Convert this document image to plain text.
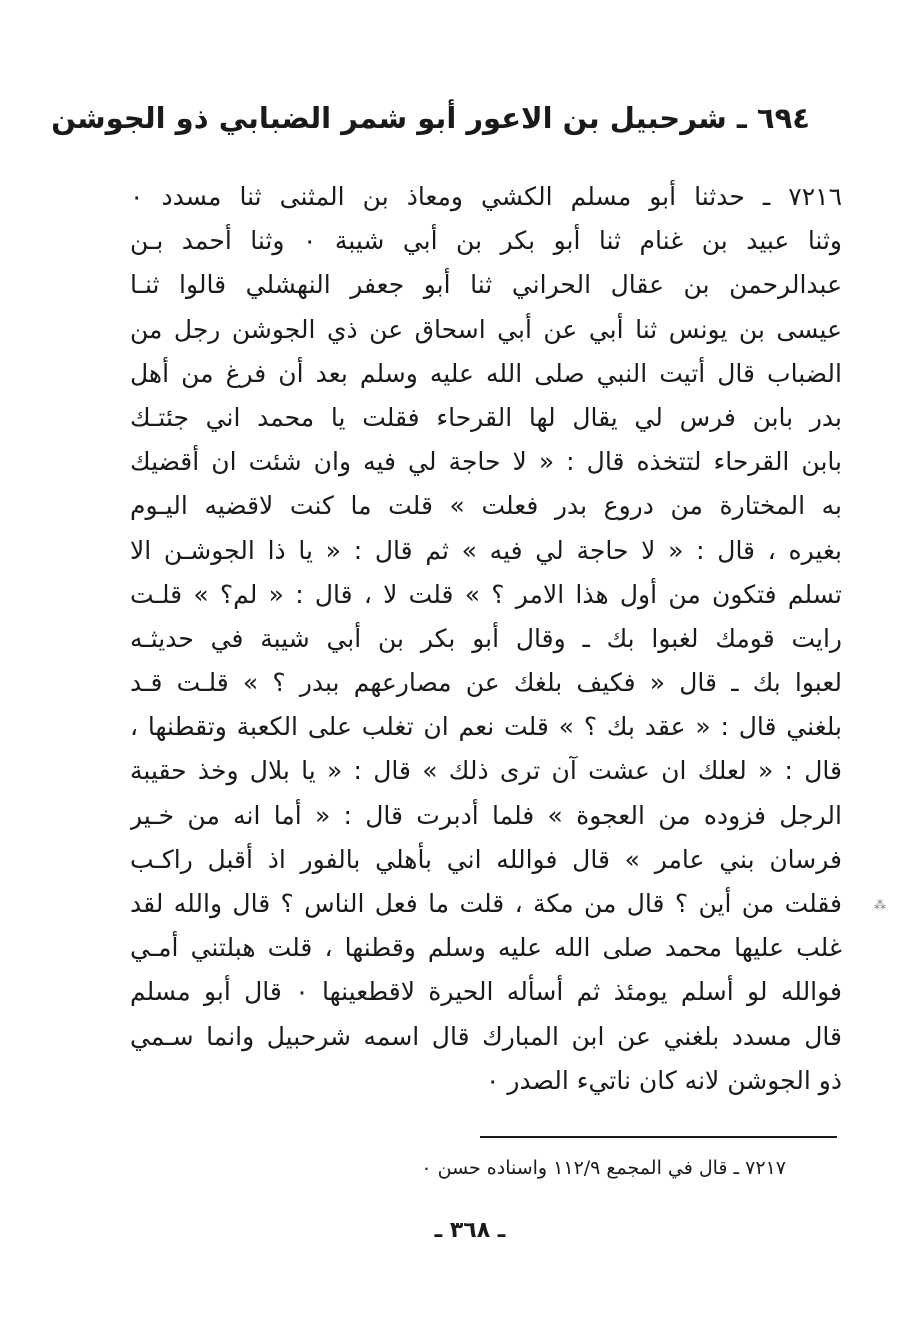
٦٩٤ ـ شرحبيل بن الاعور أبو شمر الضبابي ذو الجوشن
٧٢١٦ ـ حدثنا أبو مسلم الكشي ومعاذ بن المثنى ثنا مسدد ٠
وثنا عبيد بن غنام ثنا أبو بكر بن أبي شيبة ٠ وثنا أحمد بـن
عبدالرحمن بن عقال الحراني ثنا أبو جعفر النهشلي قالوا ثنـا
عيسى بن يونس ثنا أبي عن أبي اسحاق عن ذي الجوشن رجل من
الضباب قال أتيت النبي صلى الله عليه وسلم بعد أن فرغ من أهل
بدر بابن فرس لي يقال لها القرحاء فقلت يا محمد اني جئتـك
بابن القرحاء لتتخذه قال : « لا حاجة لي فيه وان شئت ان أقضيك
به المختارة من دروع بدر فعلت » قلت ما كنت لاقضيه اليـوم
بغيره ، قال : « لا حاجة لي فيه » ثم قال : « يا ذا الجوشـن الا
تسلم فتكون من أول هذا الامر ؟ » قلت لا ، قال : « لم؟ » قلـت
رايت قومك لغبوا بك ـ وقال أبو بكر بن أبي شيبة في حديثـه
لعبوا بك ـ قال « فكيف بلغك عن مصارعهم ببدر ؟ » قلـت قـد
بلغني قال : « عقد بك ؟ » قلت نعم ان تغلب على الكعبة وتقطنها ،
قال : « لعلك ان عشت آن ترى ذلك » قال : « يا بلال وخذ حقيبة
الرجل فزوده من العجوة » فلما أدبرت قال : « أما انه من خـير
فرسان بني عامر » قال فوالله اني بأهلي بالفور اذ أقبل راكـب
فقلت من أين ؟ قال من مكة ، قلت ما فعل الناس ؟ قال والله لقد
غلب عليها محمد صلى الله عليه وسلم وقطنها ، قلت هبلتني أمـي
فوالله لو أسلم يومئذ ثم أسأله الحيرة لاقطعينها ٠ قال أبو مسلم
قال مسدد بلغني عن ابن المبارك قال اسمه شرحبيل وانما سـمي
ذو الجوشن لانه كان ناتيء الصدر ٠
⁂
٧٢١٧ ـ قال في المجمع ١١٢/٩ واسناده حسن ٠
ـ ٣٦٨ ـ
